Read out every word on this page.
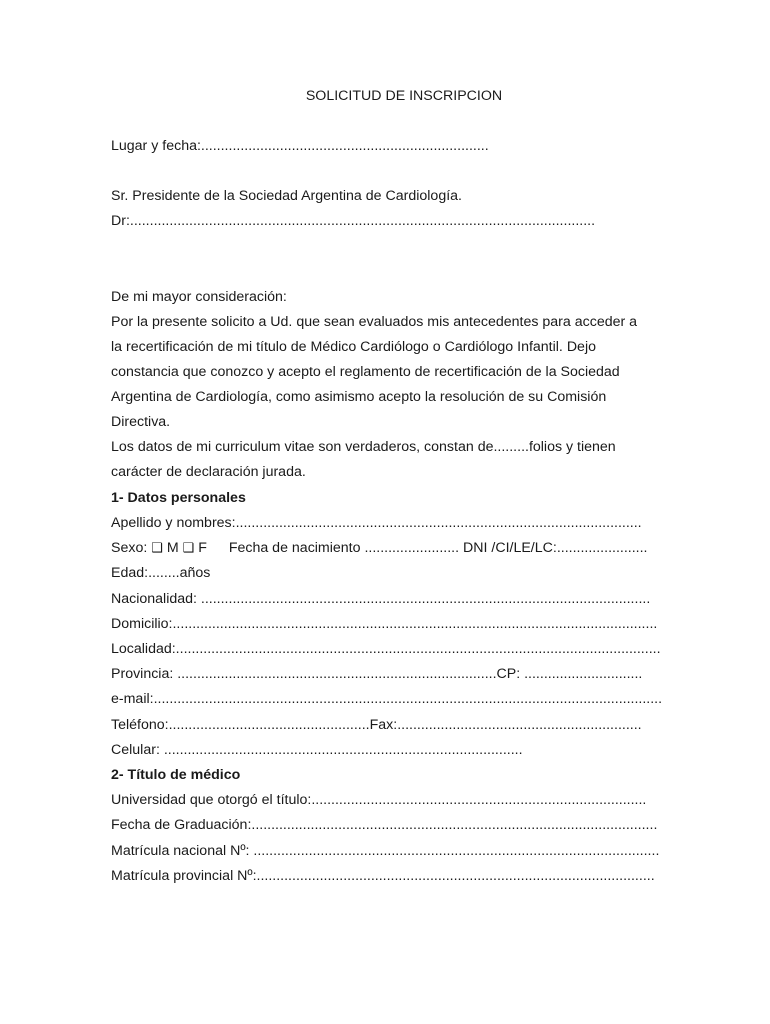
SOLICITUD DE INSCRIPCION
Lugar y fecha:.........................................................................
Sr. Presidente de la Sociedad Argentina de Cardiología.
Dr:......................................................................................................................
De mi mayor consideración:
Por la presente solicito a Ud. que sean evaluados mis antecedentes para acceder a
la recertificación de mi título de Médico Cardiólogo o Cardiólogo Infantil. Dejo
constancia que conozco y acepto el reglamento de recertificación de la Sociedad
Argentina de Cardiología, como asimismo acepto la resolución de su Comisión
Directiva.
Los datos de mi curriculum vitae son verdaderos, constan de.........folios y tienen
carácter de declaración jurada.
1- Datos personales
Apellido y nombres:.......................................................................................................
Sexo: ❑ M ❑ F Fecha de nacimiento ........................ DNI /CI/LE/LC:.......................
Edad:........años
Nacionalidad: ..................................................................................................................
Domicilio:...........................................................................................................................
Localidad:...........................................................................................................................
Provincia: .................................................................................CP: ..............................
e-mail:.................................................................................................................................
Teléfono:...................................................Fax:..............................................................
Celular: ...........................................................................................
2- Título de médico
Universidad que otorgó el título:.....................................................................................
Fecha de Graduación:.......................................................................................................
Matrícula nacional Nº: .......................................................................................................
Matrícula provincial Nº:.....................................................................................................
